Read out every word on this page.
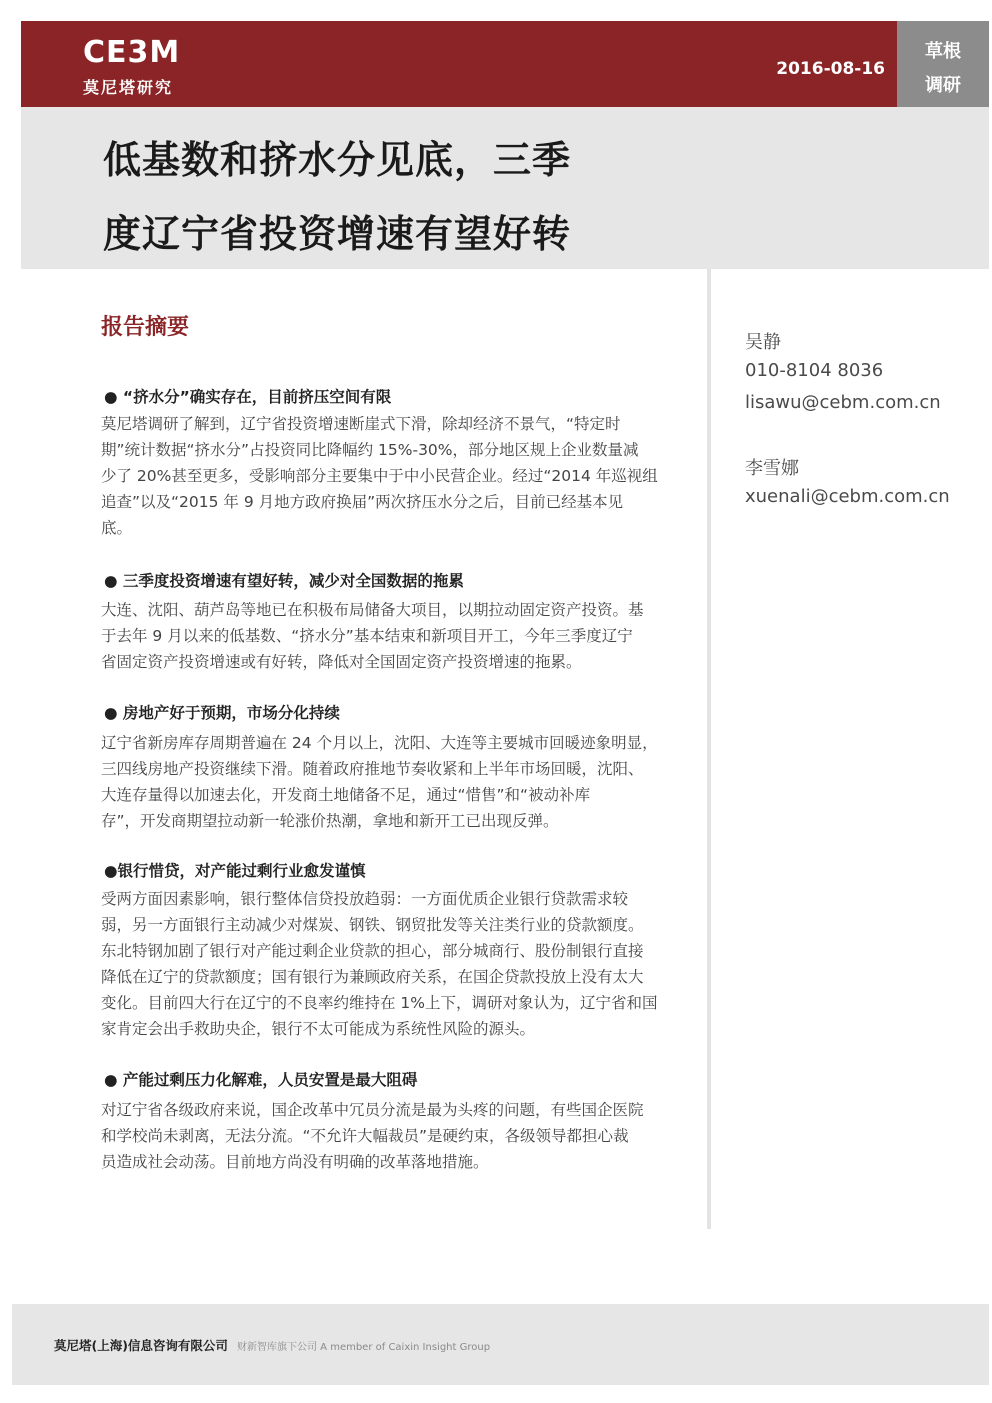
CE3M
莫尼塔研究
2016-08-16
草根
调研
低基数和挤水分见底，三季
度辽宁省投资增速有望好转
报告摘要
● “挤水分”确实存在，目前挤压空间有限
莫尼塔调研了解到，辽宁省投资增速断崖式下滑，除却经济不景气，“特定时
期”统计数据“挤水分”占投资同比降幅约 15%-30%，部分地区规上企业数量减
少了 20%甚至更多，受影响部分主要集中于中小民营企业。经过“2014 年巡视组
追查”以及“2015 年 9 月地方政府换届”两次挤压水分之后，目前已经基本见
底。
● 三季度投资增速有望好转，减少对全国数据的拖累
大连、沈阳、葫芦岛等地已在积极布局储备大项目，以期拉动固定资产投资。基
于去年 9 月以来的低基数、“挤水分”基本结束和新项目开工，今年三季度辽宁
省固定资产投资增速或有好转，降低对全国固定资产投资增速的拖累。
● 房地产好于预期，市场分化持续
辽宁省新房库存周期普遍在 24 个月以上，沈阳、大连等主要城市回暖迹象明显，
三四线房地产投资继续下滑。随着政府推地节奏收紧和上半年市场回暖，沈阳、
大连存量得以加速去化，开发商土地储备不足，通过“惜售”和“被动补库
存”，开发商期望拉动新一轮涨价热潮，拿地和新开工已出现反弹。
●银行惜贷，对产能过剩行业愈发谨慎
受两方面因素影响，银行整体信贷投放趋弱：一方面优质企业银行贷款需求较
弱，另一方面银行主动减少对煤炭、钢铁、钢贸批发等关注类行业的贷款额度。
东北特钢加剧了银行对产能过剩企业贷款的担心，部分城商行、股份制银行直接
降低在辽宁的贷款额度；国有银行为兼顾政府关系，在国企贷款投放上没有太大
变化。目前四大行在辽宁的不良率约维持在 1%上下，调研对象认为，辽宁省和国
家肯定会出手救助央企，银行不太可能成为系统性风险的源头。
● 产能过剩压力化解难，人员安置是最大阻碍
对辽宁省各级政府来说，国企改革中冗员分流是最为头疼的问题，有些国企医院
和学校尚未剥离，无法分流。“不允许大幅裁员”是硬约束，各级领导都担心裁
员造成社会动荡。目前地方尚没有明确的改革落地措施。
吴静
010-8104 8036
lisawu@cebm.com.cn
李雪娜
xuenali@cebm.com.cn
莫尼塔(上海)信息咨询有限公司 财新智库旗下公司 A member of Caixin Insight Group
